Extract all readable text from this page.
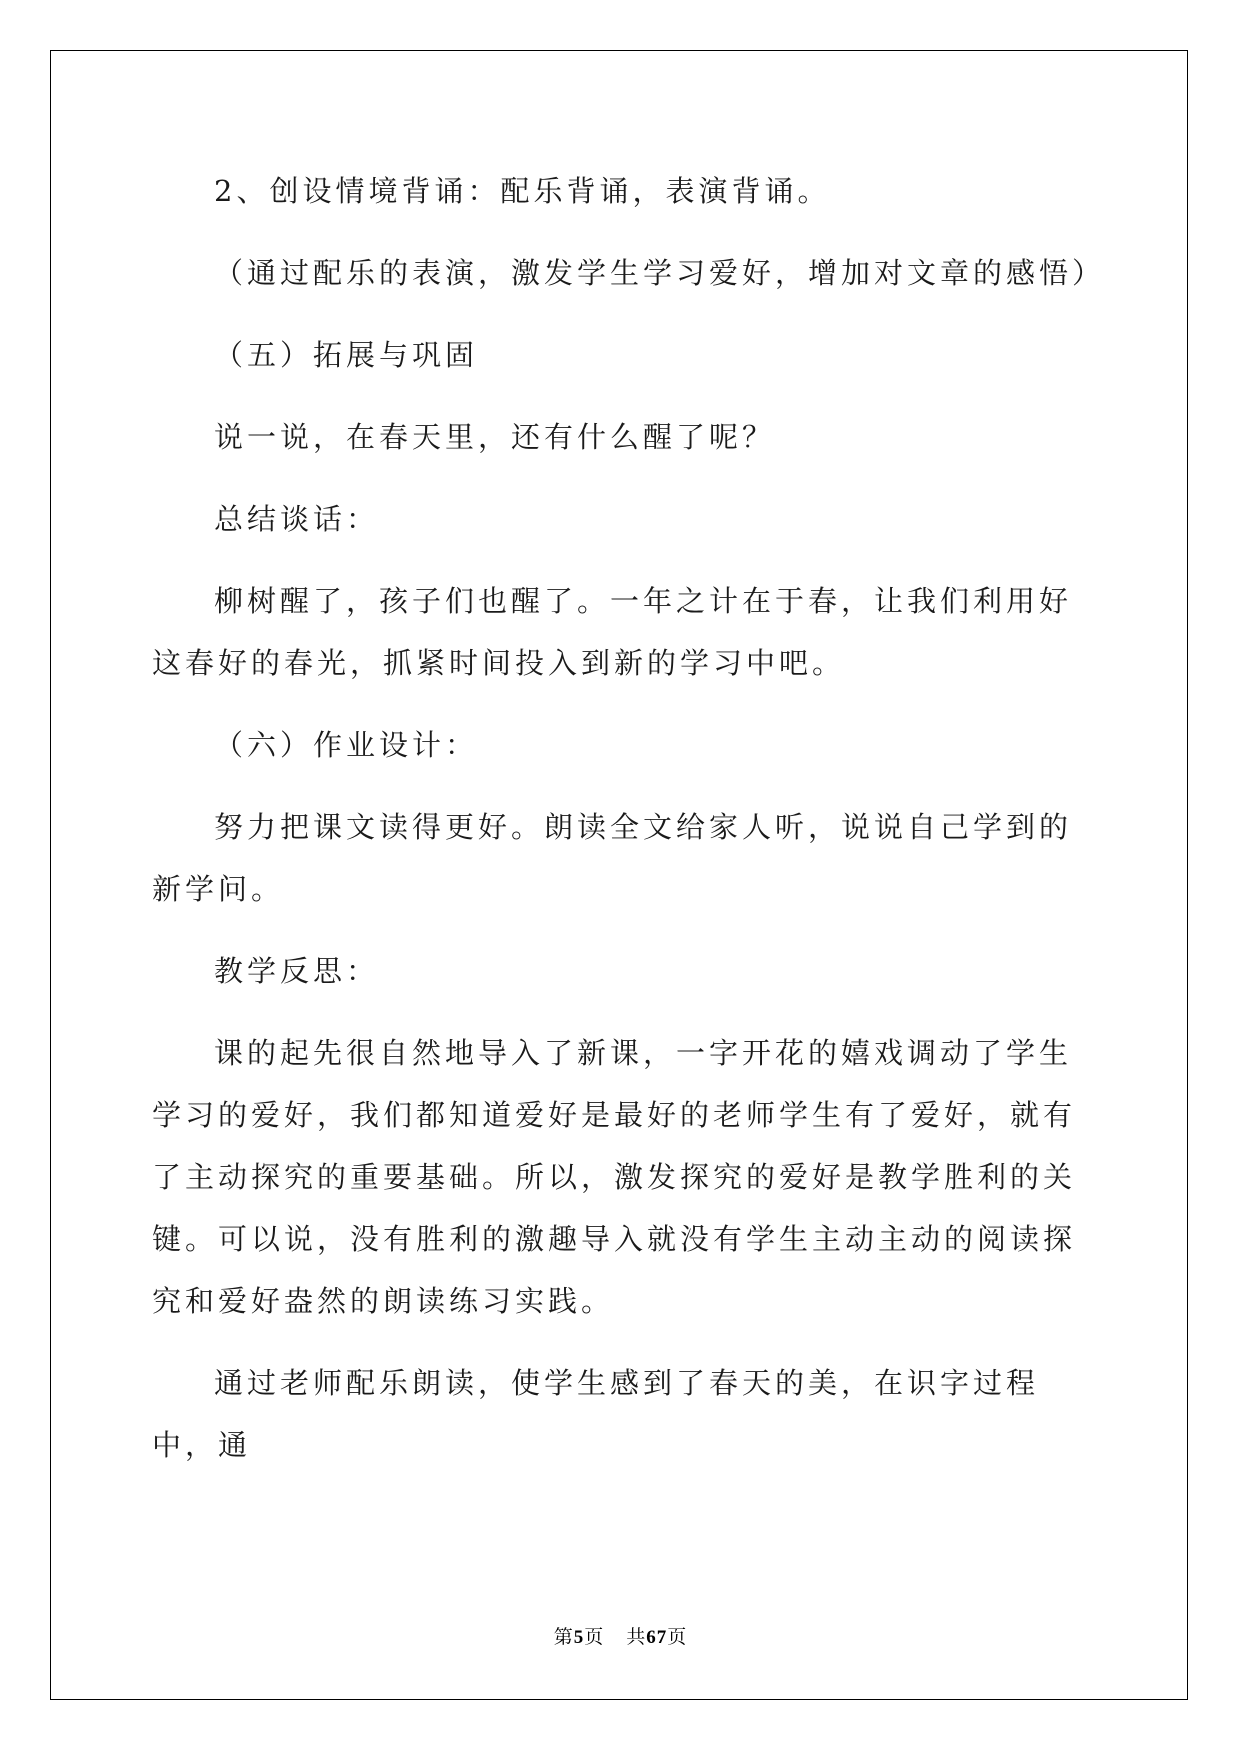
2、创设情境背诵：配乐背诵，表演背诵。

（通过配乐的表演，激发学生学习爱好，增加对文章的感悟）

（五）拓展与巩固

说一说，在春天里，还有什么醒了呢？

总结谈话：

柳树醒了，孩子们也醒了。一年之计在于春，让我们利用好这春好的春光，抓紧时间投入到新的学习中吧。

（六）作业设计：

努力把课文读得更好。朗读全文给家人听，说说自己学到的新学问。

教学反思：

课的起先很自然地导入了新课，一字开花的嬉戏调动了学生学习的爱好，我们都知道爱好是最好的老师学生有了爱好，就有了主动探究的重要基础。所以，激发探究的爱好是教学胜利的关键。可以说，没有胜利的激趣导入就没有学生主动主动的阅读探究和爱好盎然的朗读练习实践。

通过老师配乐朗读，使学生感到了春天的美，在识字过程中，通

第5页 共67页
